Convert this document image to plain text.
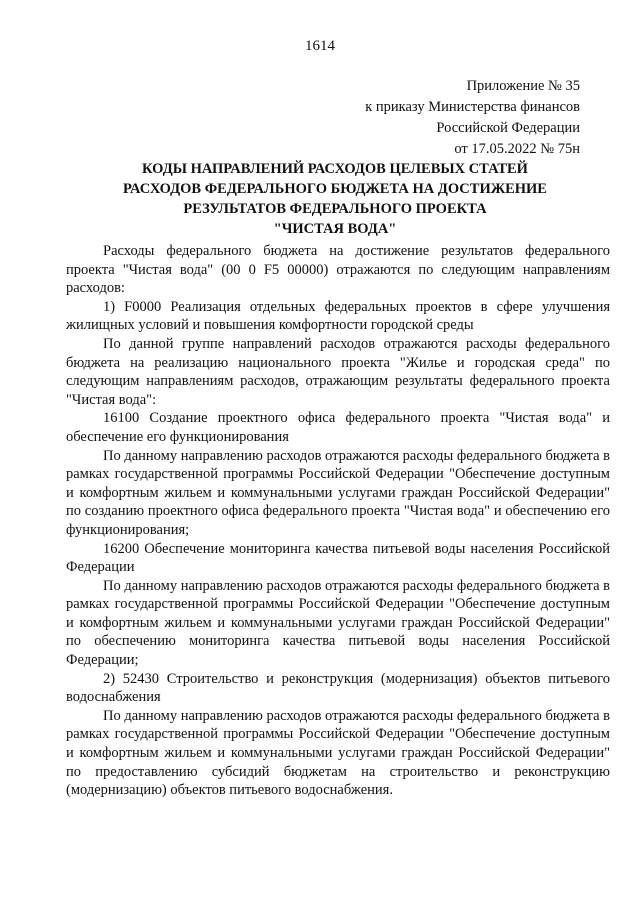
1614
Приложение № 35
к приказу Министерства финансов
Российской Федерации
от 17.05.2022 № 75н
КОДЫ НАПРАВЛЕНИЙ РАСХОДОВ ЦЕЛЕВЫХ СТАТЕЙ
РАСХОДОВ ФЕДЕРАЛЬНОГО БЮДЖЕТА НА ДОСТИЖЕНИЕ
РЕЗУЛЬТАТОВ ФЕДЕРАЛЬНОГО ПРОЕКТА
"ЧИСТАЯ ВОДА"

Расходы федерального бюджета на достижение результатов федерального проекта "Чистая вода" (00 0 F5 00000) отражаются по следующим направлениям расходов:

1) F0000 Реализация отдельных федеральных проектов в сфере улучшения жилищных условий и повышения комфортности городской среды

По данной группе направлений расходов отражаются расходы федерального бюджета на реализацию национального проекта "Жилье и городская среда" по следующим направлениям расходов, отражающим результаты федерального проекта "Чистая вода":

16100 Создание проектного офиса федерального проекта "Чистая вода" и обеспечение его функционирования

По данному направлению расходов отражаются расходы федерального бюджета в рамках государственной программы Российской Федерации "Обеспечение доступным и комфортным жильем и коммунальными услугами граждан Российской Федерации" по созданию проектного офиса федерального проекта "Чистая вода" и обеспечению его функционирования;

16200 Обеспечение мониторинга качества питьевой воды населения Российской Федерации

По данному направлению расходов отражаются расходы федерального бюджета в рамках государственной программы Российской Федерации "Обеспечение доступным и комфортным жильем и коммунальными услугами граждан Российской Федерации" по обеспечению мониторинга качества питьевой воды населения Российской Федерации;

2) 52430 Строительство и реконструкция (модернизация) объектов питьевого водоснабжения

По данному направлению расходов отражаются расходы федерального бюджета в рамках государственной программы Российской Федерации "Обеспечение доступным и комфортным жильем и коммунальными услугами граждан Российской Федерации" по предоставлению субсидий бюджетам на строительство и реконструкцию (модернизацию) объектов питьевого водоснабжения.
